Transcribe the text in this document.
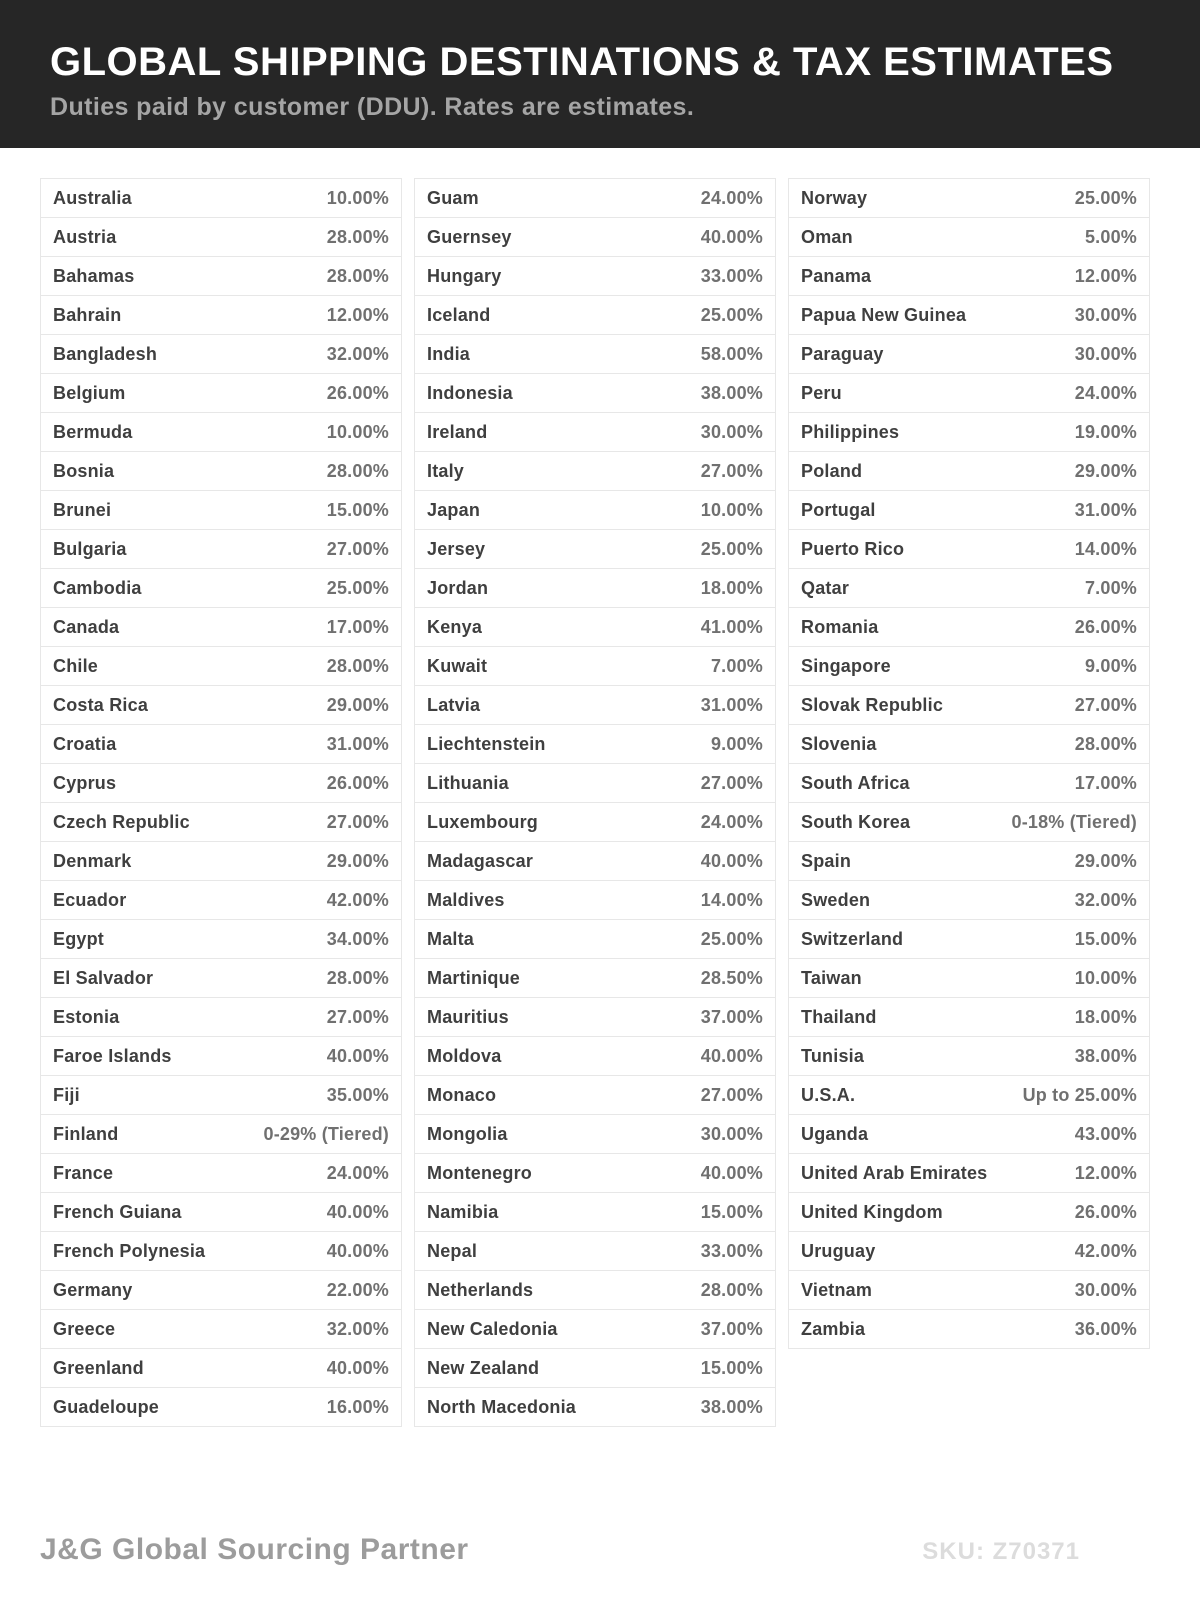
GLOBAL SHIPPING DESTINATIONS & TAX ESTIMATES

Duties paid by customer (DDU). Rates are estimates.

Australia	10.00%
Austria	28.00%
Bahamas	28.00%
Bahrain	12.00%
Bangladesh	32.00%
Belgium	26.00%
Bermuda	10.00%
Bosnia	28.00%
Brunei	15.00%
Bulgaria	27.00%
Cambodia	25.00%
Canada	17.00%
Chile	28.00%
Costa Rica	29.00%
Croatia	31.00%
Cyprus	26.00%
Czech Republic	27.00%
Denmark	29.00%
Ecuador	42.00%
Egypt	34.00%
El Salvador	28.00%
Estonia	27.00%
Faroe Islands	40.00%
Fiji	35.00%
Finland	0-29% (Tiered)
France	24.00%
French Guiana	40.00%
French Polynesia	40.00%
Germany	22.00%
Greece	32.00%
Greenland	40.00%
Guadeloupe	16.00%
Guam	24.00%
Guernsey	40.00%
Hungary	33.00%
Iceland	25.00%
India	58.00%
Indonesia	38.00%
Ireland	30.00%
Italy	27.00%
Japan	10.00%
Jersey	25.00%
Jordan	18.00%
Kenya	41.00%
Kuwait	7.00%
Latvia	31.00%
Liechtenstein	9.00%
Lithuania	27.00%
Luxembourg	24.00%
Madagascar	40.00%
Maldives	14.00%
Malta	25.00%
Martinique	28.50%
Mauritius	37.00%
Moldova	40.00%
Monaco	27.00%
Mongolia	30.00%
Montenegro	40.00%
Namibia	15.00%
Nepal	33.00%
Netherlands	28.00%
New Caledonia	37.00%
New Zealand	15.00%
North Macedonia	38.00%
Norway	25.00%
Oman	5.00%
Panama	12.00%
Papua New Guinea	30.00%
Paraguay	30.00%
Peru	24.00%
Philippines	19.00%
Poland	29.00%
Portugal	31.00%
Puerto Rico	14.00%
Qatar	7.00%
Romania	26.00%
Singapore	9.00%
Slovak Republic	27.00%
Slovenia	28.00%
South Africa	17.00%
South Korea	0-18% (Tiered)
Spain	29.00%
Sweden	32.00%
Switzerland	15.00%
Taiwan	10.00%
Thailand	18.00%
Tunisia	38.00%
U.S.A.	Up to 25.00%
Uganda	43.00%
United Arab Emirates	12.00%
United Kingdom	26.00%
Uruguay	42.00%
Vietnam	30.00%
Zambia	36.00%
J&G Global Sourcing Partner	SKU: Z70371
